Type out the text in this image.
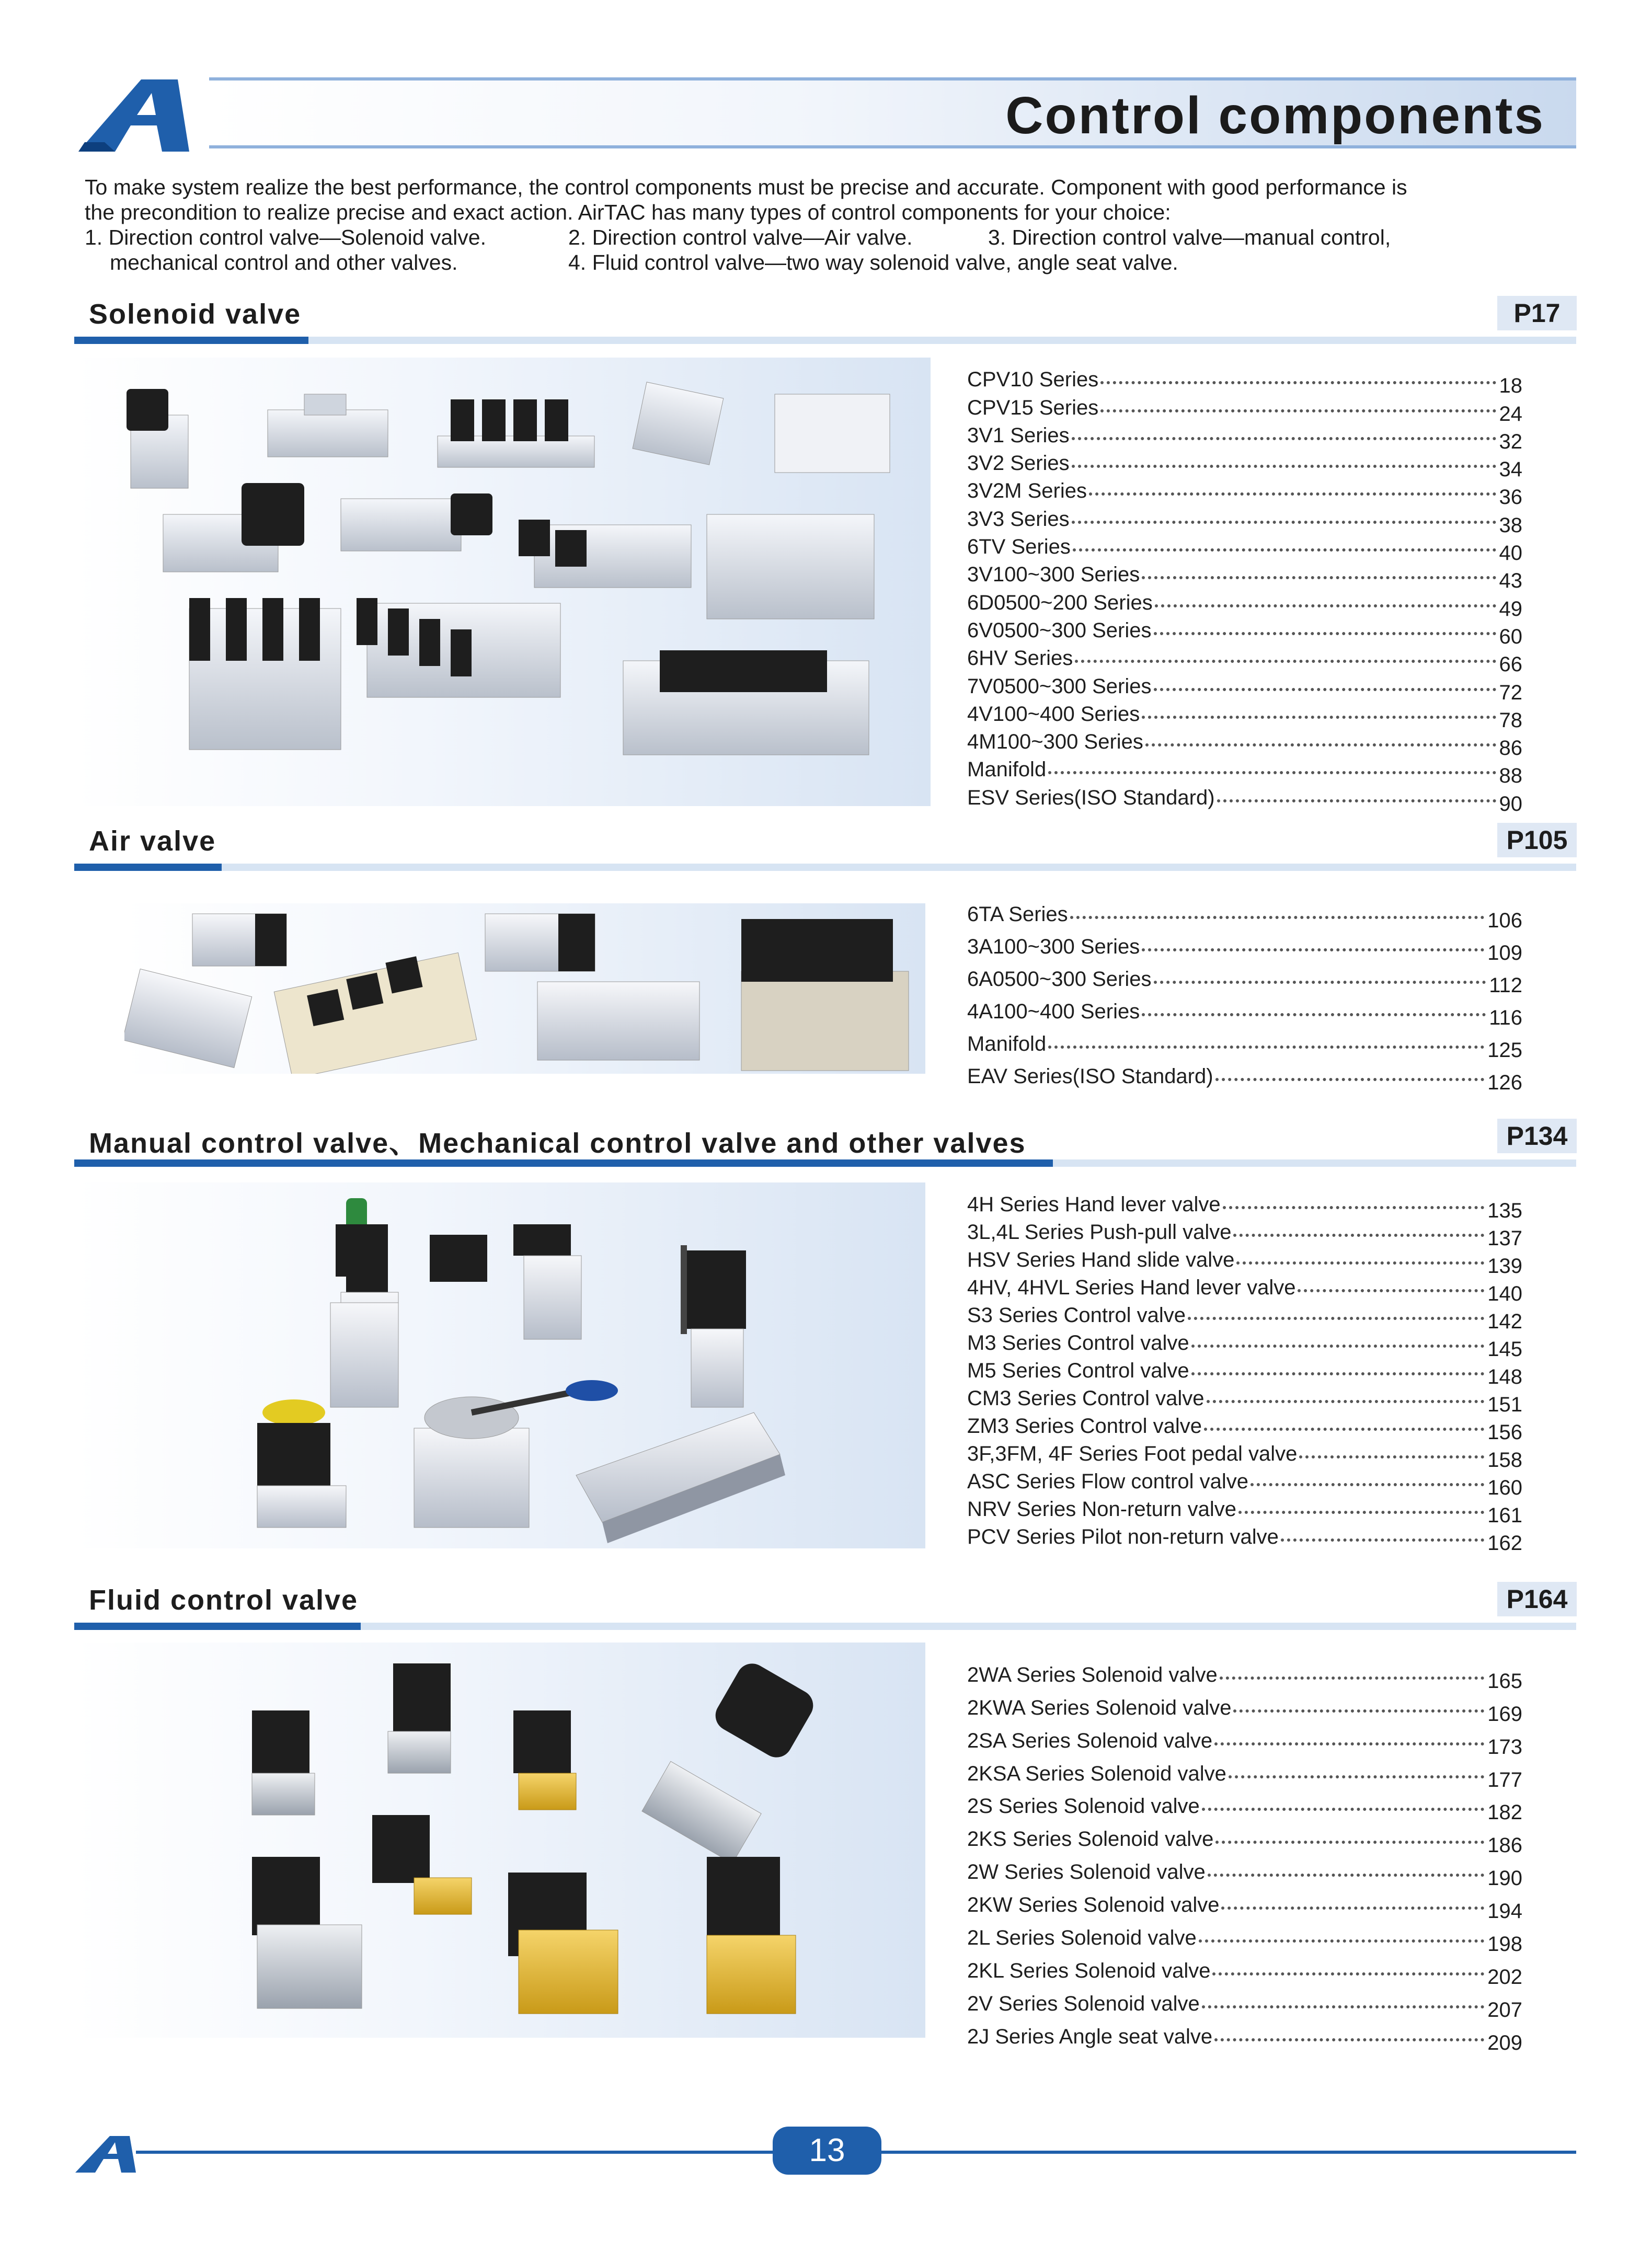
Control components

To make system realize the best performance, the control components must be precise and accurate. Component with good performance is

the precondition to realize precise and exact action. AirTAC has many types of control components for your choice:

1. Direction control valve—Solenoid valve.	2. Direction control valve—Air valve.	3. Direction control valve—manual control,

mechanical control and other valves.	4. Fluid control valve—two way solenoid valve, angle seat valve.

Solenoid valve	P17
CPV10 Series	18
CPV15 Series	24
3V1 Series	32
3V2 Series	34
3V2M Series	36
3V3 Series	38
6TV Series	40
3V100~300 Series	43
6D0500~200 Series	49
6V0500~300 Series	60
6HV Series	66
7V0500~300 Series	72
4V100~400 Series	78
4M100~300 Series	86
Manifold	88
ESV Series(ISO Standard)	90
Air valve	P105
6TA Series	106
3A100~300 Series	109
6A0500~300 Series	112
4A100~400 Series	116
Manifold	125
EAV Series(ISO Standard)	126
Manual control valve、Mechanical control valve and other valves	P134
4H Series Hand lever valve	135
3L,4L Series Push-pull valve	137
HSV Series Hand slide valve	139
4HV, 4HVL Series Hand lever valve	140
S3 Series Control valve	142
M3 Series Control valve	145
M5 Series Control valve	148
CM3 Series Control valve	151
ZM3 Series Control valve	156
3F,3FM, 4F Series Foot pedal valve	158
ASC Series Flow control valve	160
NRV Series Non-return valve	161
PCV Series Pilot non-return valve	162
Fluid control valve	P164
2WA Series Solenoid valve	165
2KWA Series Solenoid valve	169
2SA Series Solenoid valve	173
2KSA Series Solenoid valve	177
2S Series Solenoid valve	182
2KS Series Solenoid valve	186
2W Series Solenoid valve	190
2KW Series Solenoid valve	194
2L Series Solenoid valve	198
2KL Series Solenoid valve	202
2V Series Solenoid valve	207
2J Series Angle seat valve	209
13
